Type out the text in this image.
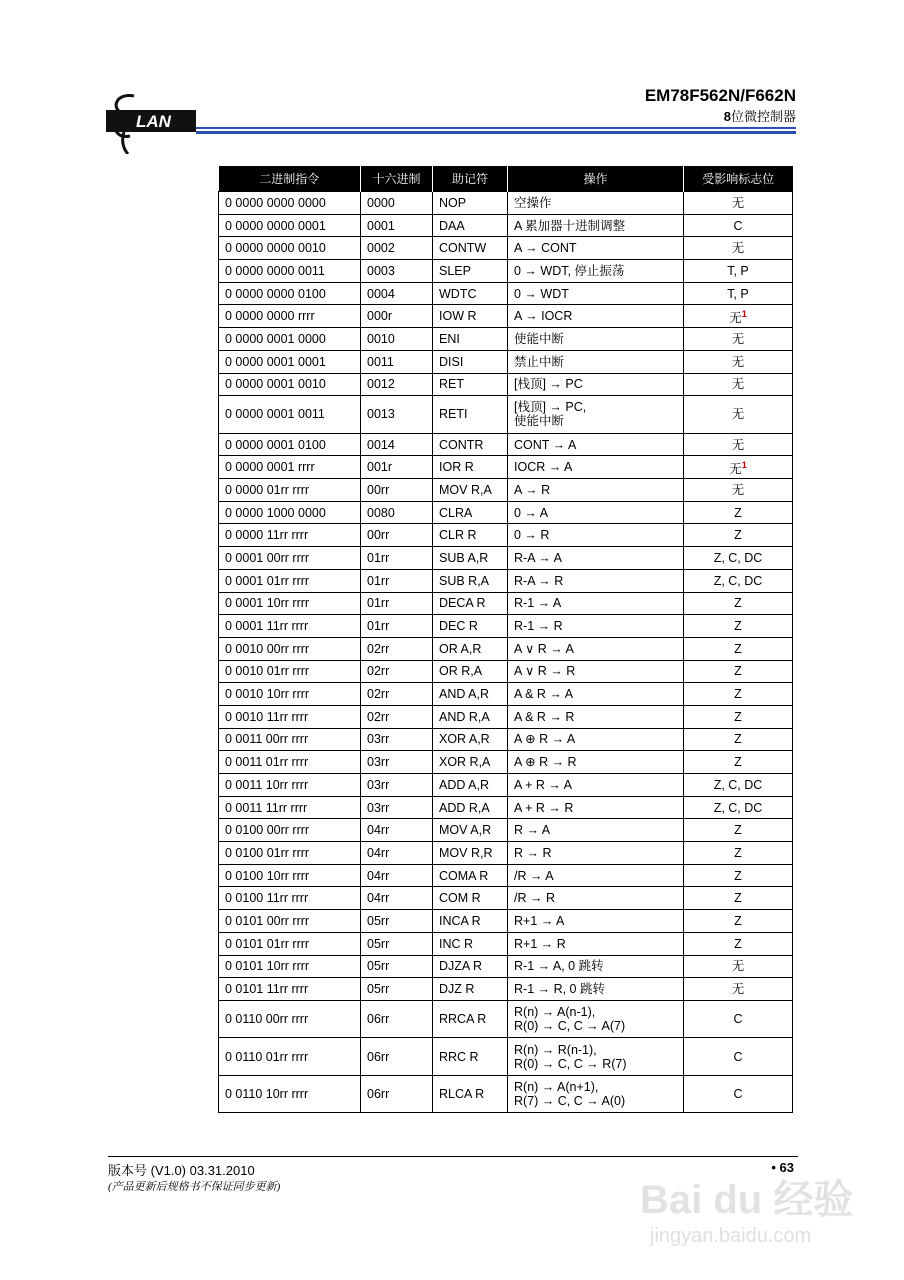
LAN
EM78F562N/F662N
8位微控制器
二进制指令	十六进制	助记符	操作	受影响标志位
0 0000 0000 0000	0000	NOP	空操作	无
0 0000 0000 0001	0001	DAA	A 累加器十进制调整	C
0 0000 0000 0010	0002	CONTW	A → CONT	无
0 0000 0000 0011	0003	SLEP	0 → WDT, 停止振荡	T, P
0 0000 0000 0100	0004	WDTC	0 → WDT	T, P
0 0000 0000 rrrr	000r	IOW R	A → IOCR	无$^1$
0 0000 0001 0000	0010	ENI	使能中断	无
0 0000 0001 0001	0011	DISI	禁止中断	无
0 0000 0001 0010	0012	RET	[栈顶] → PC	无
0 0000 0001 0011	0013	RETI	[栈顶] → PC,
使能中断	无
0 0000 0001 0100	0014	CONTR	CONT → A	无
0 0000 0001 rrrr	001r	IOR R	IOCR → A	无$^1$
0 0000 01rr rrrr	00rr	MOV R,A	A → R	无
0 0000 1000 0000	0080	CLRA	0 → A	Z
0 0000 11rr rrrr	00rr	CLR R	0 → R	Z
0 0001 00rr rrrr	01rr	SUB A,R	R-A → A	Z, C, DC
0 0001 01rr rrrr	01rr	SUB R,A	R-A → R	Z, C, DC
0 0001 10rr rrrr	01rr	DECA R	R-1 → A	Z
0 0001 11rr rrrr	01rr	DEC R	R-1 → R	Z
0 0010 00rr rrrr	02rr	OR A,R	A ∨ R → A	Z
0 0010 01rr rrrr	02rr	OR R,A	A ∨ R → R	Z
0 0010 10rr rrrr	02rr	AND A,R	A & R → A	Z
0 0010 11rr rrrr	02rr	AND R,A	A & R → R	Z
0 0011 00rr rrrr	03rr	XOR A,R	A ⊕ R → A	Z
0 0011 01rr rrrr	03rr	XOR R,A	A ⊕ R → R	Z
0 0011 10rr rrrr	03rr	ADD A,R	A + R → A	Z, C, DC
0 0011 11rr rrrr	03rr	ADD R,A	A + R → R	Z, C, DC
0 0100 00rr rrrr	04rr	MOV A,R	R → A	Z
0 0100 01rr rrrr	04rr	MOV R,R	R → R	Z
0 0100 10rr rrrr	04rr	COMA R	/R → A	Z
0 0100 11rr rrrr	04rr	COM R	/R → R	Z
0 0101 00rr rrrr	05rr	INCA R	R+1 → A	Z
0 0101 01rr rrrr	05rr	INC R	R+1 → R	Z
0 0101 10rr rrrr	05rr	DJZA R	R-1 → A, 0 跳转	无
0 0101 11rr rrrr	05rr	DJZ R	R-1 → R, 0 跳转	无
0 0110 00rr rrrr	06rr	RRCA R	R(n) → A(n-1),
R(0) → C, C → A(7)	C
0 0110 01rr rrrr	06rr	RRC R	R(n) → R(n-1),
R(0) → C, C → R(7)	C
0 0110 10rr rrrr	06rr	RLCA R	R(n) → A(n+1),
R(7) → C, C → A(0)	C
版本号 (V1.0) 03.31.2010
(产品更新后规格书不保证同步更新)
• 63
Bai du 经验
jingyan.baidu.com
